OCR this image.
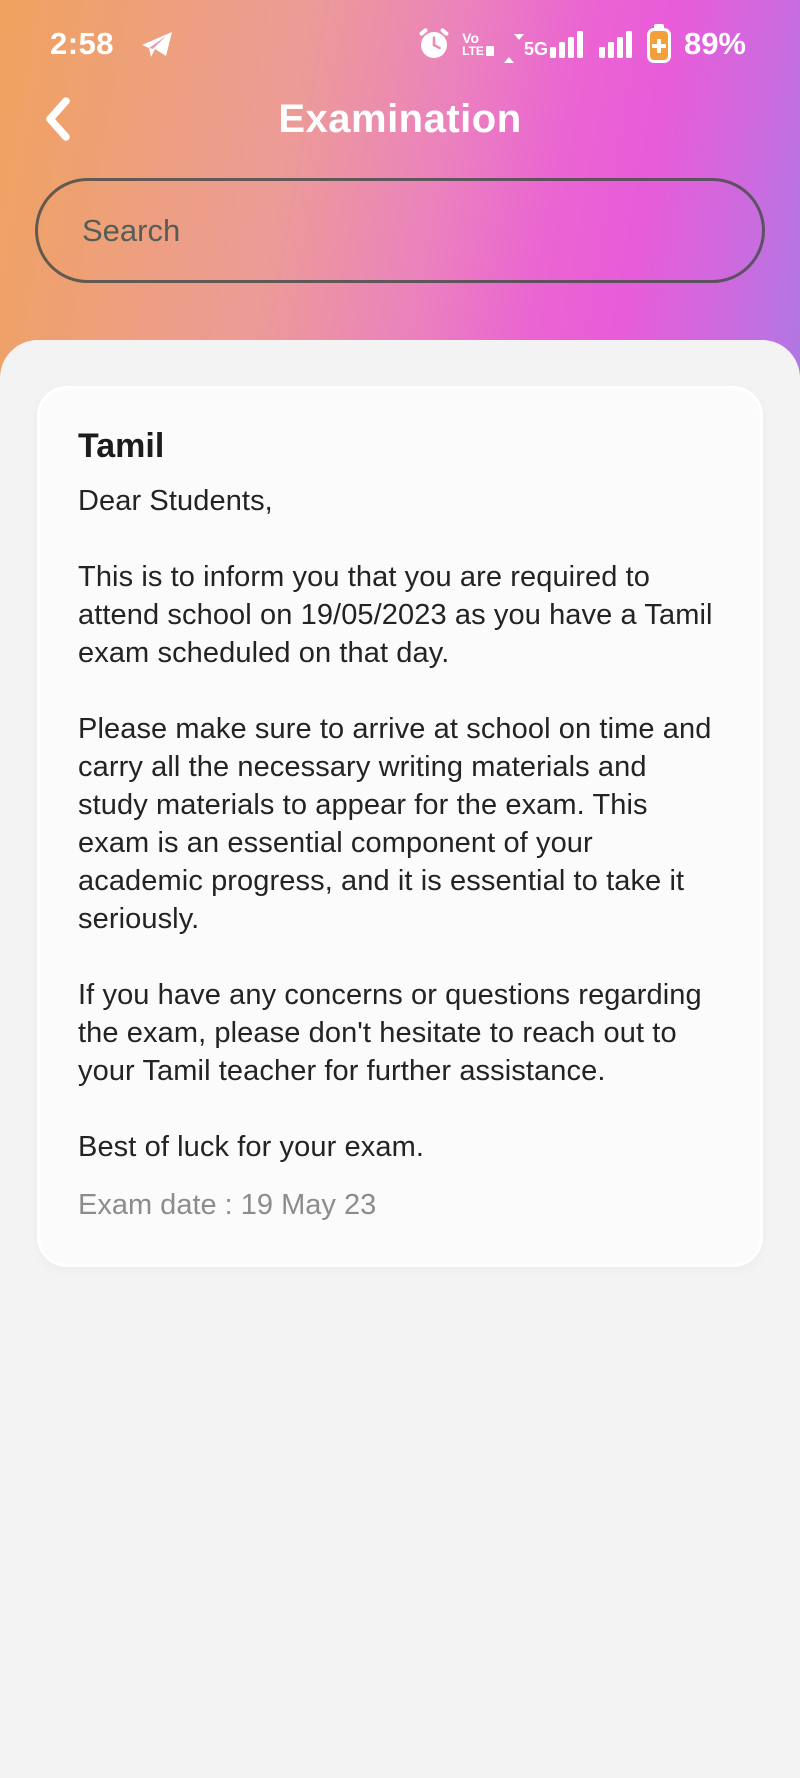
2:58	Vo
LTE 5G	89%
Examination
Search
Tamil

Dear Students,

This is to inform you that you are required to attend school on 19/05/2023 as you have a Tamil exam scheduled on that day.

Please make sure to arrive at school on time and carry all the necessary writing materials and study materials to appear for the exam. This exam is an essential component of your academic progress, and it is essential to take it seriously.

If you have any concerns or questions regarding the exam, please don't hesitate to reach out to your Tamil teacher for further assistance.

Best of luck for your exam.

Exam date : 19 May 23
